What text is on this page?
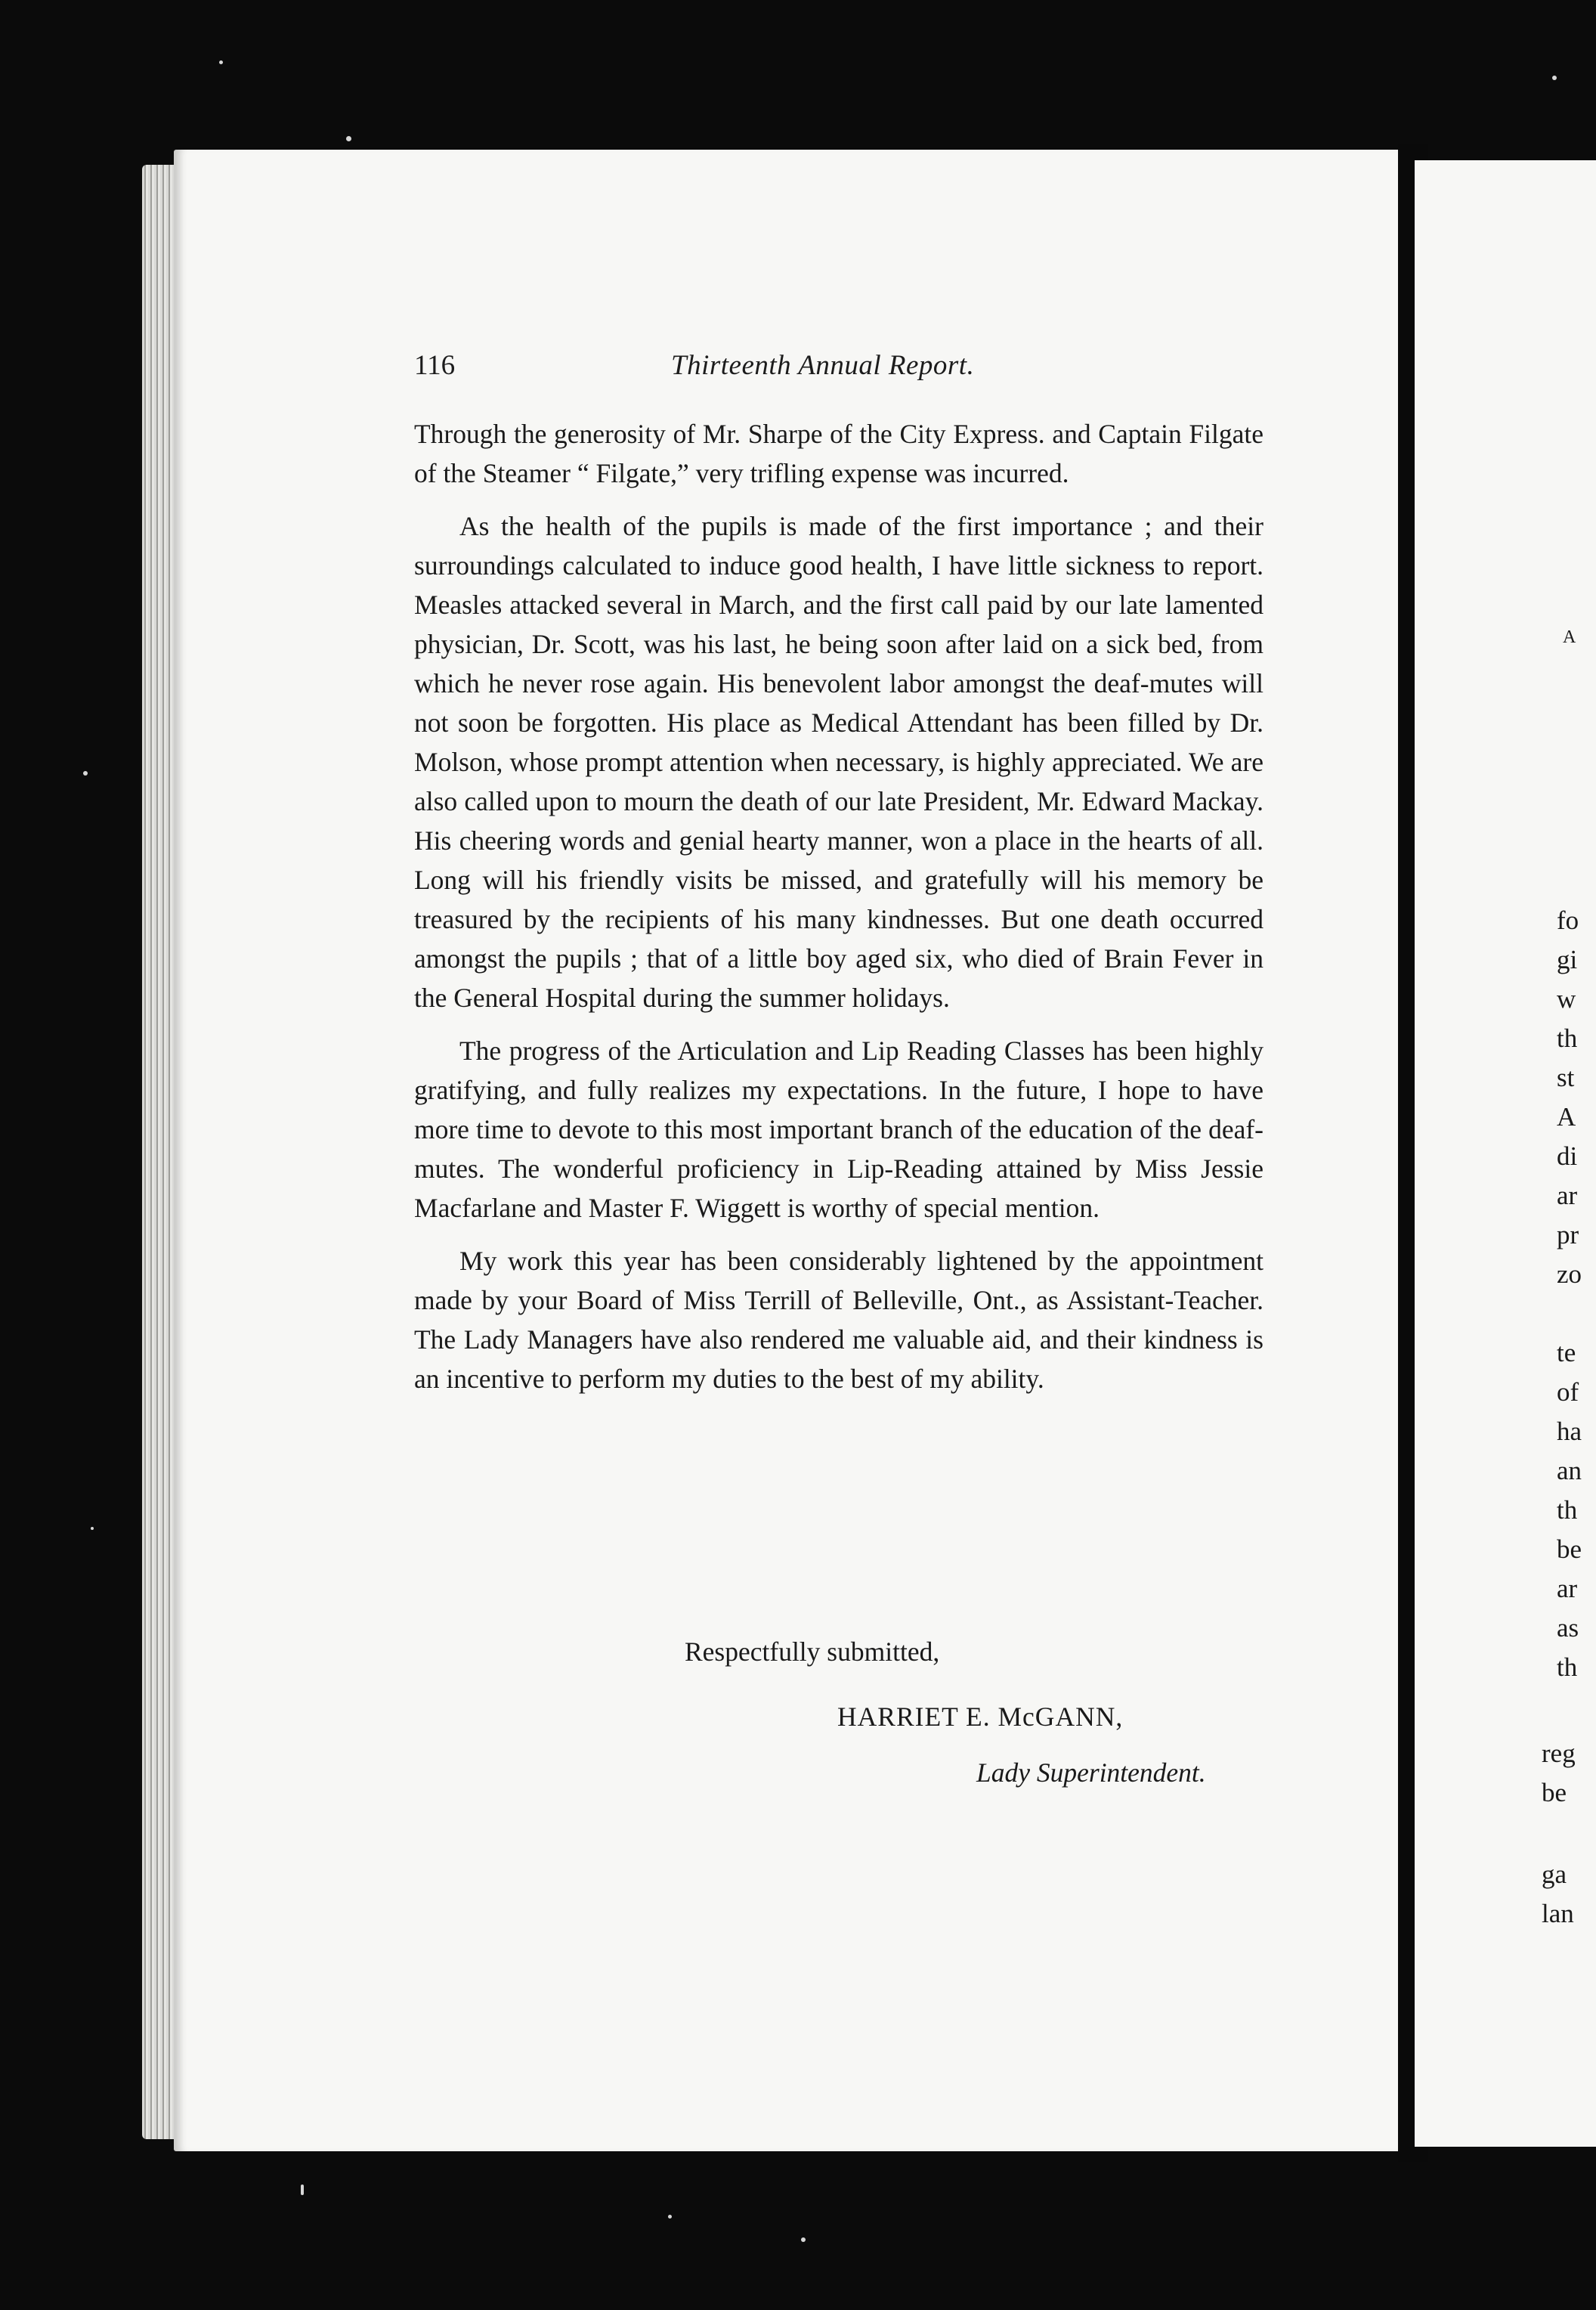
116	Thirteenth Annual Report.

Through the generosity of Mr. Sharpe of the City Express. and Captain Filgate of the Steamer “ Filgate,” very trifling expense was incurred.

As the health of the pupils is made of the first importance ; and their surroundings calculated to induce good health, I have little sickness to report. Measles attacked several in March, and the first call paid by our late lamented physician, Dr. Scott, was his last, he being soon after laid on a sick bed, from which he never rose again. His benevolent labor amongst the deaf-mutes will not soon be forgotten. His place as Medical Attendant has been filled by Dr. Molson, whose prompt attention when necessary, is highly appreciated. We are also called upon to mourn the death of our late President, Mr. Edward Mackay. His cheering words and genial hearty manner, won a place in the hearts of all. Long will his friendly visits be missed, and gratefully will his memory be treasured by the recipients of his many kindnesses. But one death occurred amongst the pupils ; that of a little boy aged six, who died of Brain Fever in the General Hospital during the summer holidays.

The progress of the Articulation and Lip Reading Classes has been highly gratifying, and fully realizes my expectations. In the future, I hope to have more time to devote to this most important branch of the education of the deaf-mutes. The wonderful proficiency in Lip-Reading attained by Miss Jessie Macfarlane and Master F. Wiggett is worthy of special mention.

My work this year has been considerably lightened by the appointment made by your Board of Miss Terrill of Belleville, Ont., as Assistant-Teacher. The Lady Managers have also rendered me valuable aid, and their kindness is an incentive to perform my duties to the best of my ability.

Respectfully submitted,
HARRIET E. McGANN,
Lady Superintendent.
A
fo
gi
w
th
st
A
di
ar
pr
zo
te
of
ha
an
th
be
ar
as
th
reg
be
ga
lan
